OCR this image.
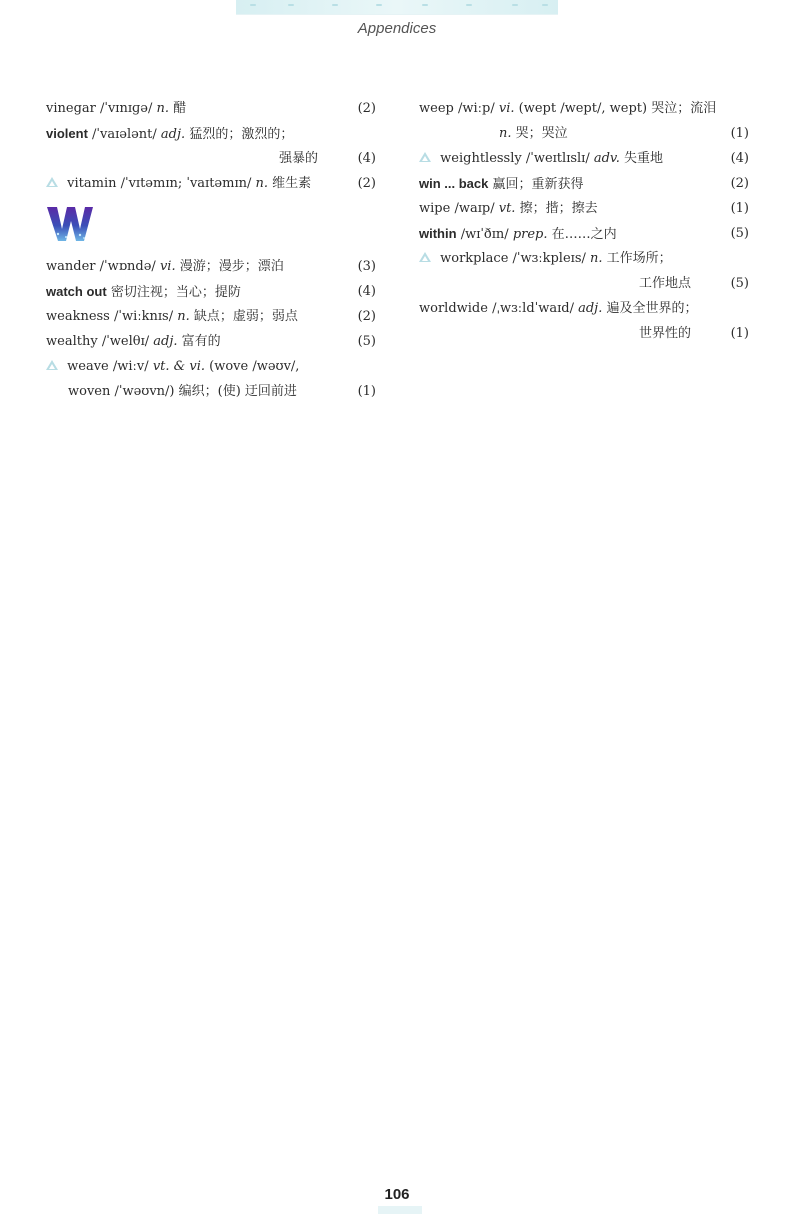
Appendices
vinegar /ˈvɪnɪɡə/ n. 醋	(2)
violent /ˈvaɪələnt/ adj. 猛烈的；激烈的；
强暴的	(4)
vitamin /ˈvɪtəmɪn; ˈvaɪtəmɪn/ n. 维生素	(2)
wander /ˈwɒndə/ vi. 漫游；漫步；漂泊	(3)
watch out 密切注视；当心；提防	(4)
weakness /ˈwiːknɪs/ n. 缺点；虚弱；弱点	(2)
wealthy /ˈwelθɪ/ adj. 富有的	(5)
weave /wiːv/ vt. & vi. (wove /wəʊv/,
woven /ˈwəʊvn/) 编织；(使) 迂回前进	(1)
weep /wiːp/ vi. (wept /wept/, wept) 哭泣；流泪
n. 哭；哭泣	(1)
weightlessly /ˈweɪtlɪslɪ/ adv. 失重地	(4)
win ... back 赢回；重新获得	(2)
wipe /waɪp/ vt. 擦；揩；擦去	(1)
within /wɪˈðɪn/ prep. 在……之内	(5)
workplace /ˈwɜːkpleɪs/ n. 工作场所；
工作地点	(5)
worldwide /ˌwɜːldˈwaɪd/ adj. 遍及全世界的；
世界性的	(1)
106
